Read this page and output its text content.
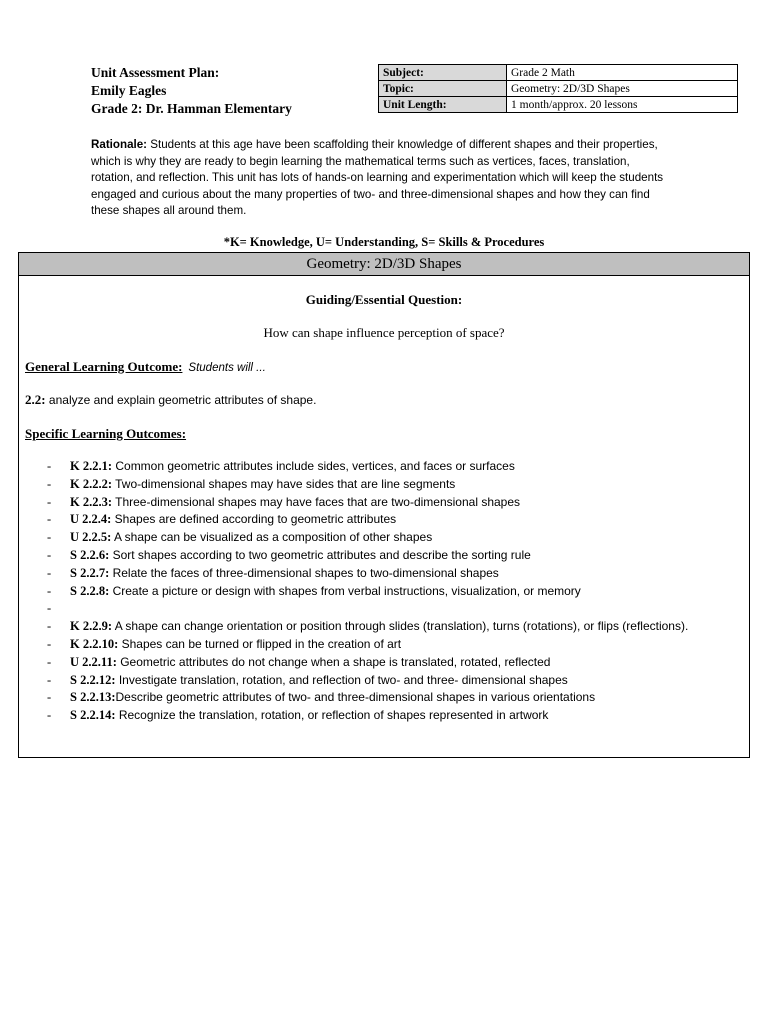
Unit Assessment Plan:
Emily Eagles
Grade 2: Dr. Hamman Elementary
Subject:	Grade 2 Math
Topic:	Geometry: 2D/3D Shapes
Unit Length:	1 month/approx. 20 lessons

Rationale: Students at this age have been scaffolding their knowledge of different shapes and their properties, which is why they are ready to begin learning the mathematical terms such as vertices, faces, translation, rotation, and reflection. This unit has lots of hands-on learning and experimentation which will keep the students engaged and curious about the many properties of two- and three-dimensional shapes and how they can find these shapes all around them.

*K= Knowledge, U= Understanding, S= Skills & Procedures
Geometry: 2D/3D Shapes
Guiding/Essential Question:
How can shape influence perception of space?
General Learning Outcome: Students will ...
2.2: analyze and explain geometric attributes of shape.
Specific Learning Outcomes:
- K 2.2.1: Common geometric attributes include sides, vertices, and faces or surfaces
- K 2.2.2: Two-dimensional shapes may have sides that are line segments
- K 2.2.3: Three-dimensional shapes may have faces that are two-dimensional shapes
- U 2.2.4: Shapes are defined according to geometric attributes
- U 2.2.5: A shape can be visualized as a composition of other shapes
- S 2.2.6: Sort shapes according to two geometric attributes and describe the sorting rule
- S 2.2.7: Relate the faces of three-dimensional shapes to two-dimensional shapes
- S 2.2.8: Create a picture or design with shapes from verbal instructions, visualization, or memory
-
- K 2.2.9: A shape can change orientation or position through slides (translation), turns (rotations), or flips (reflections).
- K 2.2.10: Shapes can be turned or flipped in the creation of art
- U 2.2.11: Geometric attributes do not change when a shape is translated, rotated, reflected
- S 2.2.12: Investigate translation, rotation, and reflection of two- and three- dimensional shapes
- S 2.2.13:Describe geometric attributes of two- and three-dimensional shapes in various orientations
- S 2.2.14: Recognize the translation, rotation, or reflection of shapes represented in artwork
